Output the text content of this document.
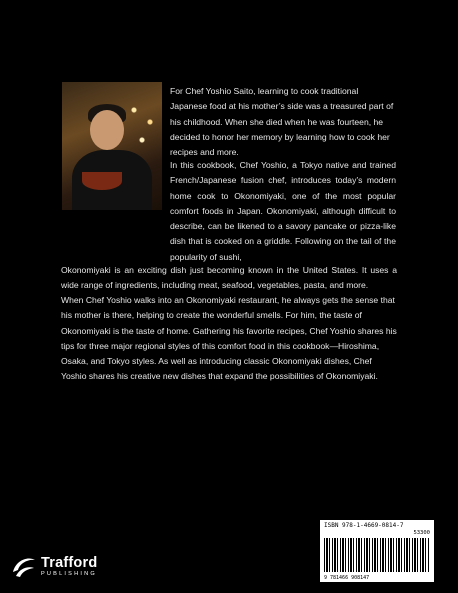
For Chef Yoshio Saito, learning to cook traditional Japanese food at his mother’s side was a treasured part of his childhood. When she died when he was fourteen, he decided to honor her memory by learning how to cook her recipes and more.
In this cookbook, Chef Yoshio, a Tokyo native and trained French/Japanese fusion chef, introduces today’s modern home cook to Okonomiyaki, one of the most popular comfort foods in Japan. Okonomiyaki, although difficult to describe, can be likened to a savory pancake or pizza-like dish that is cooked on a griddle. Following on the tail of the popularity of sushi,
Okonomiyaki is an exciting dish just becoming known in the United States. It uses a wide range of ingredients, including meat, seafood, vegetables, pasta, and more.
When Chef Yoshio walks into an Okonomiyaki restaurant, he always gets the sense that his mother is there, helping to create the wonderful smells. For him, the taste of Okonomiyaki is the taste of home. Gathering his favorite recipes, Chef Yoshio shares his tips for three major regional styles of this comfort food in this cookbook—Hiroshima, Osaka, and Tokyo styles. As well as introducing classic Okonomiyaki dishes, Chef Yoshio shares his creative new dishes that expand the possibilities of Okonomiyaki.
ISBN 978-1-4669-0814-7
53300
9 781466 908147
Trafford
PUBLISHING
